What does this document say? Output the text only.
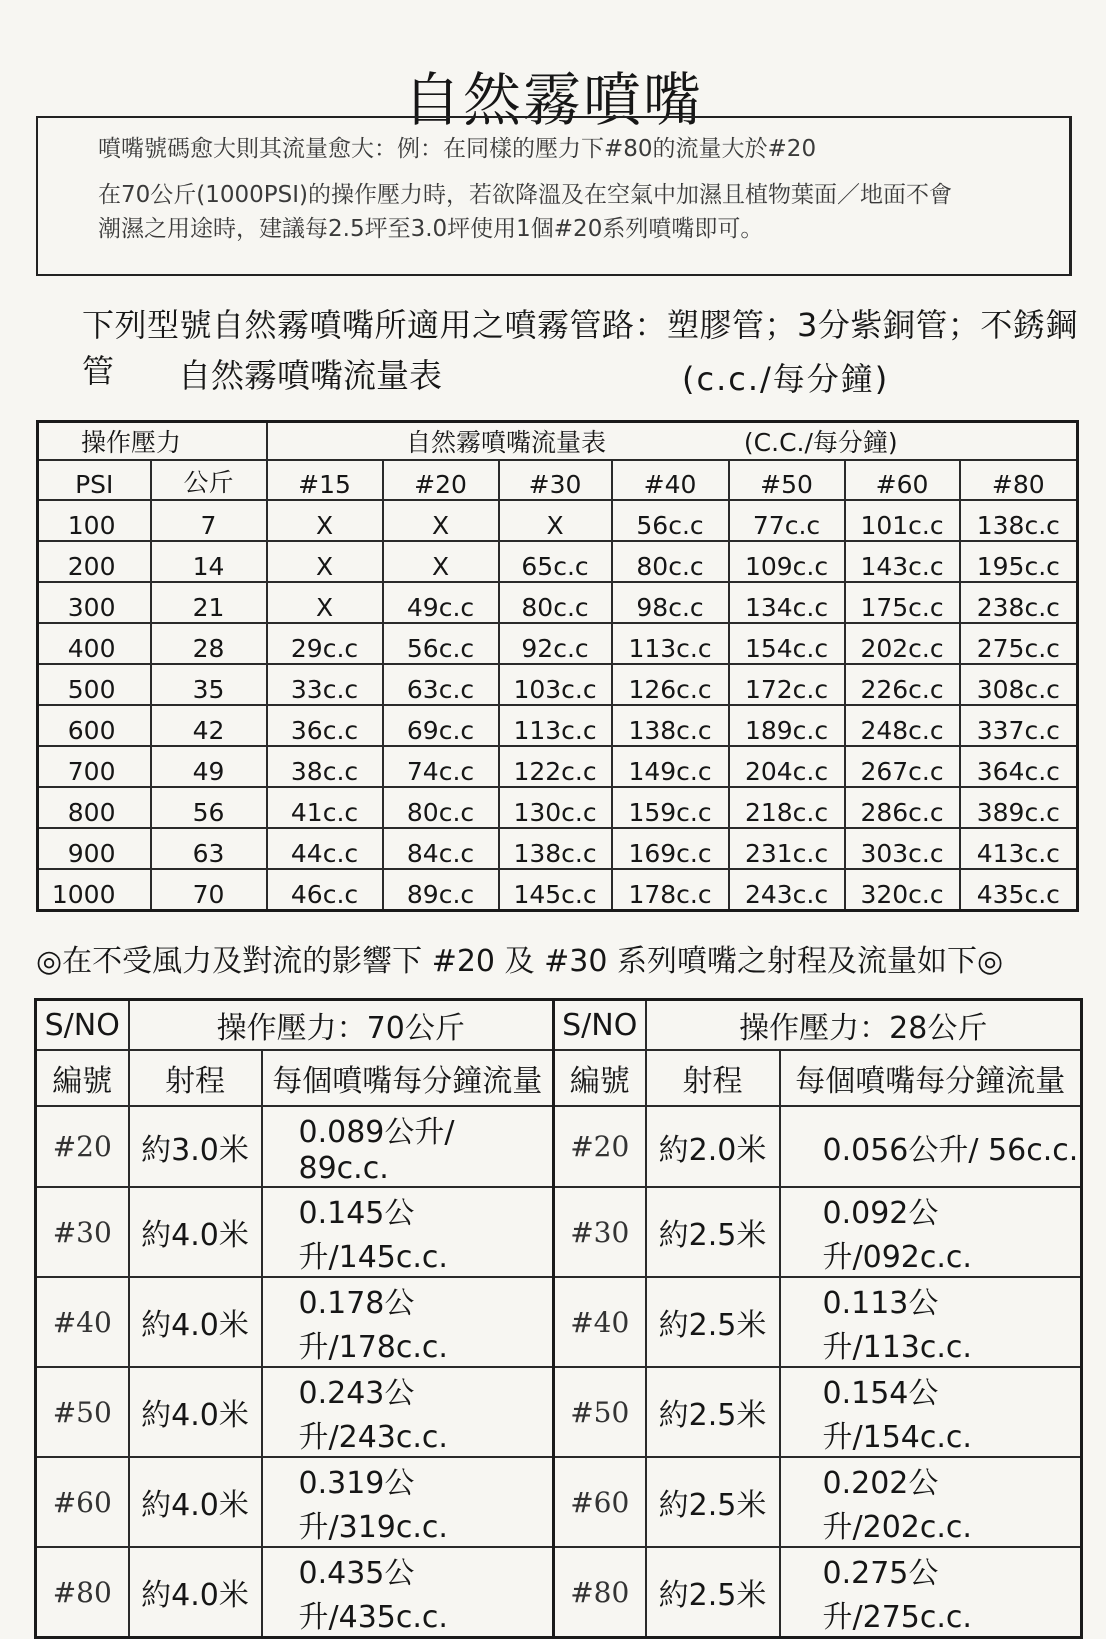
自然霧噴嘴

噴嘴號碼愈大則其流量愈大：例：在同樣的壓力下#80的流量大於#20

在70公斤(1000PSI)的操作壓力時，若欲降溫及在空氣中加濕且植物葉面／地面不會

潮濕之用途時，建議每2.5坪至3.0坪使用1個#20系列噴嘴即可。

下列型號自然霧噴嘴所適用之噴霧管路：塑膠管；3分紫銅管；不銹鋼管	自然霧噴嘴流量表	(c.c./每分鐘)
操作壓力		自然霧噴嘴流量表 (C.C./每分鐘)						
PSI	公斤	#15	#20	#30	#40	#50	#60	#80
100	7	X	X	X	56c.c	77c.c	101c.c	138c.c
200	14	X	X	65c.c	80c.c	109c.c	143c.c	195c.c
300	21	X	49c.c	80c.c	98c.c	134c.c	175c.c	238c.c
400	28	29c.c	56c.c	92c.c	113c.c	154c.c	202c.c	275c.c
500	35	33c.c	63c.c	103c.c	126c.c	172c.c	226c.c	308c.c
600	42	36c.c	69c.c	113c.c	138c.c	189c.c	248c.c	337c.c
700	49	38c.c	74c.c	122c.c	149c.c	204c.c	267c.c	364c.c
800	56	41c.c	80c.c	130c.c	159c.c	218c.c	286c.c	389c.c
900	63	44c.c	84c.c	138c.c	169c.c	231c.c	303c.c	413c.c
1000	70	46c.c	89c.c	145c.c	178c.c	243c.c	320c.c	435c.c
◎在不受風力及對流的影響下 #20 及 #30 系列噴嘴之射程及流量如下◎
S/NO	操作壓力：70公斤		S/NO	操作壓力：28公斤	
編號	射程	每個噴嘴每分鐘流量	編號	射程	每個噴嘴每分鐘流量
#20	約3.0米	0.089公升/ 89c.c.	#20	約2.0米	0.056公升/ 56c.c.
#30	約4.0米	0.145公升/145c.c.	#30	約2.5米	0.092公升/092c.c.
#40	約4.0米	0.178公升/178c.c.	#40	約2.5米	0.113公升/113c.c.
#50	約4.0米	0.243公升/243c.c.	#50	約2.5米	0.154公升/154c.c.
#60	約4.0米	0.319公升/319c.c.	#60	約2.5米	0.202公升/202c.c.
#80	約4.0米	0.435公升/435c.c.	#80	約2.5米	0.275公升/275c.c.
